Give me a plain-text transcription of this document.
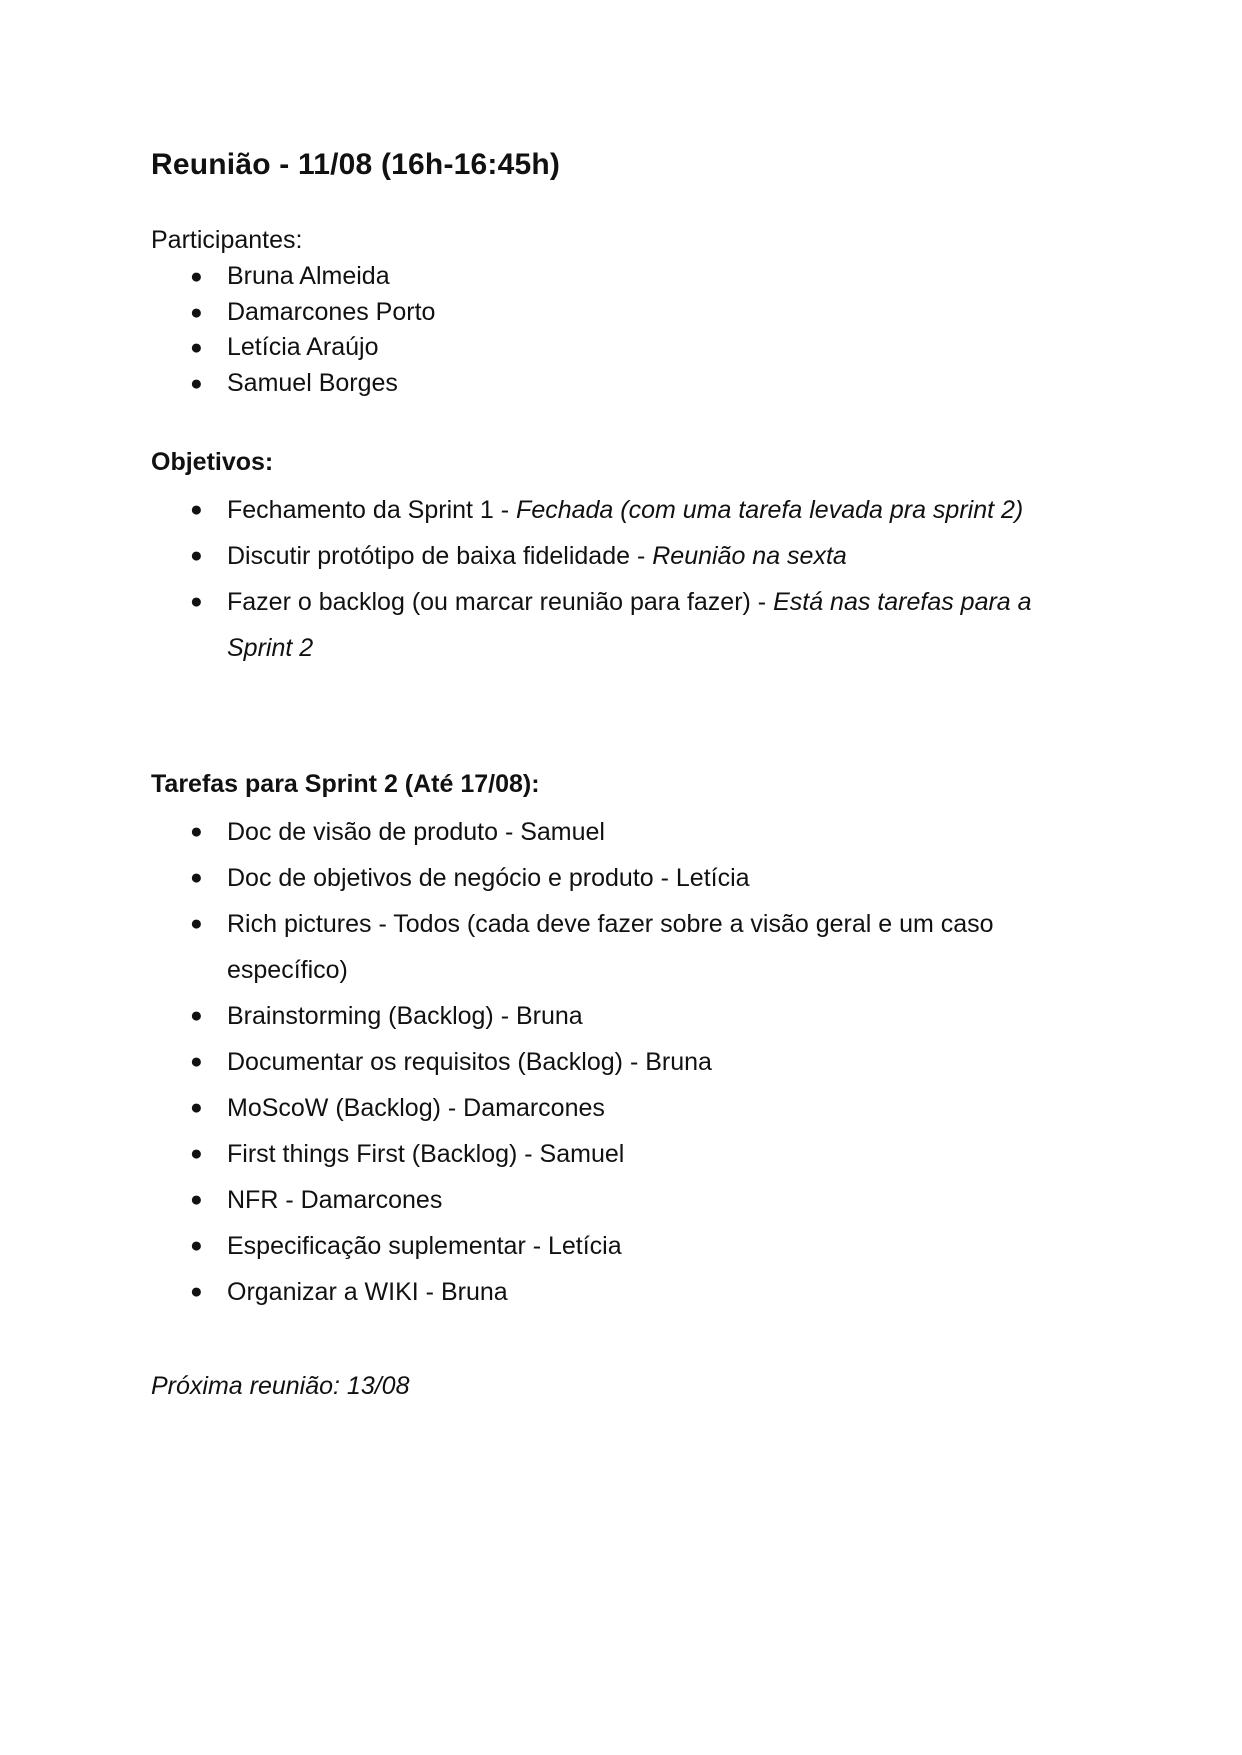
Reunião - 11/08 (16h-16:45h)
Participantes:
● Bruna Almeida
● Damarcones Porto
● Letícia Araújo
● Samuel Borges
Objetivos:
● Fechamento da Sprint 1 - Fechada (com uma tarefa levada pra sprint 2)
● Discutir protótipo de baixa fidelidade - Reunião na sexta
● Fazer o backlog (ou marcar reunião para fazer) - Está nas tarefas para a Sprint 2
Tarefas para Sprint 2 (Até 17/08):
● Doc de visão de produto - Samuel
● Doc de objetivos de negócio e produto - Letícia
● Rich pictures - Todos (cada deve fazer sobre a visão geral e um caso específico)
● Brainstorming (Backlog) - Bruna
● Documentar os requisitos (Backlog) - Bruna
● MoScoW (Backlog) - Damarcones
● First things First (Backlog) - Samuel
● NFR - Damarcones
● Especificação suplementar - Letícia
● Organizar a WIKI - Bruna
Próxima reunião: 13/08
